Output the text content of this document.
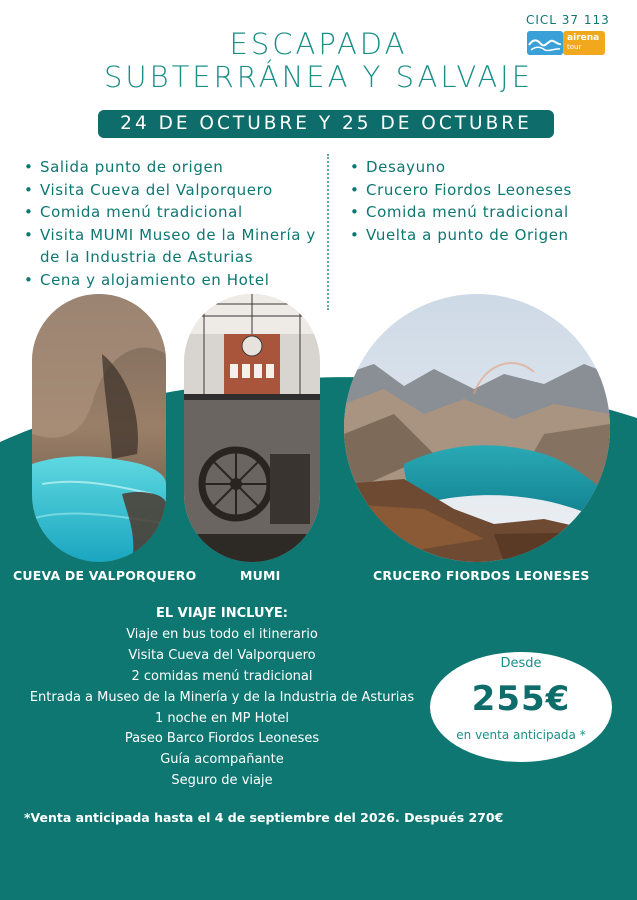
CICL 37 113
airena
tour
ESCAPADA
SUBTERRÁNEA Y SALVAJE
24 DE OCTUBRE Y 25 DE OCTUBRE
• Salida punto de origen
• Visita Cueva del Valporquero
• Comida menú tradicional
• Visita MUMI Museo de la Minería y de la Industria de Asturias
• Cena y alojamiento en Hotel
• Desayuno
• Crucero Fiordos Leoneses
• Comida menú tradicional
• Vuelta a punto de Origen
CUEVA DE VALPORQUERO	MUMI	CRUCERO FIORDOS LEONESES
EL VIAJE INCLUYE:
Viaje en bus todo el itinerario
Visita Cueva del Valporquero
2 comidas menú tradicional
Entrada a Museo de la Minería y de la Industria de Asturias
1 noche en MP Hotel
Paseo Barco Fiordos Leoneses
Guía acompañante
Seguro de viaje
Desde
255€
en venta anticipada *
*Venta anticipada hasta el 4 de septiembre del 2026. Después 270€
